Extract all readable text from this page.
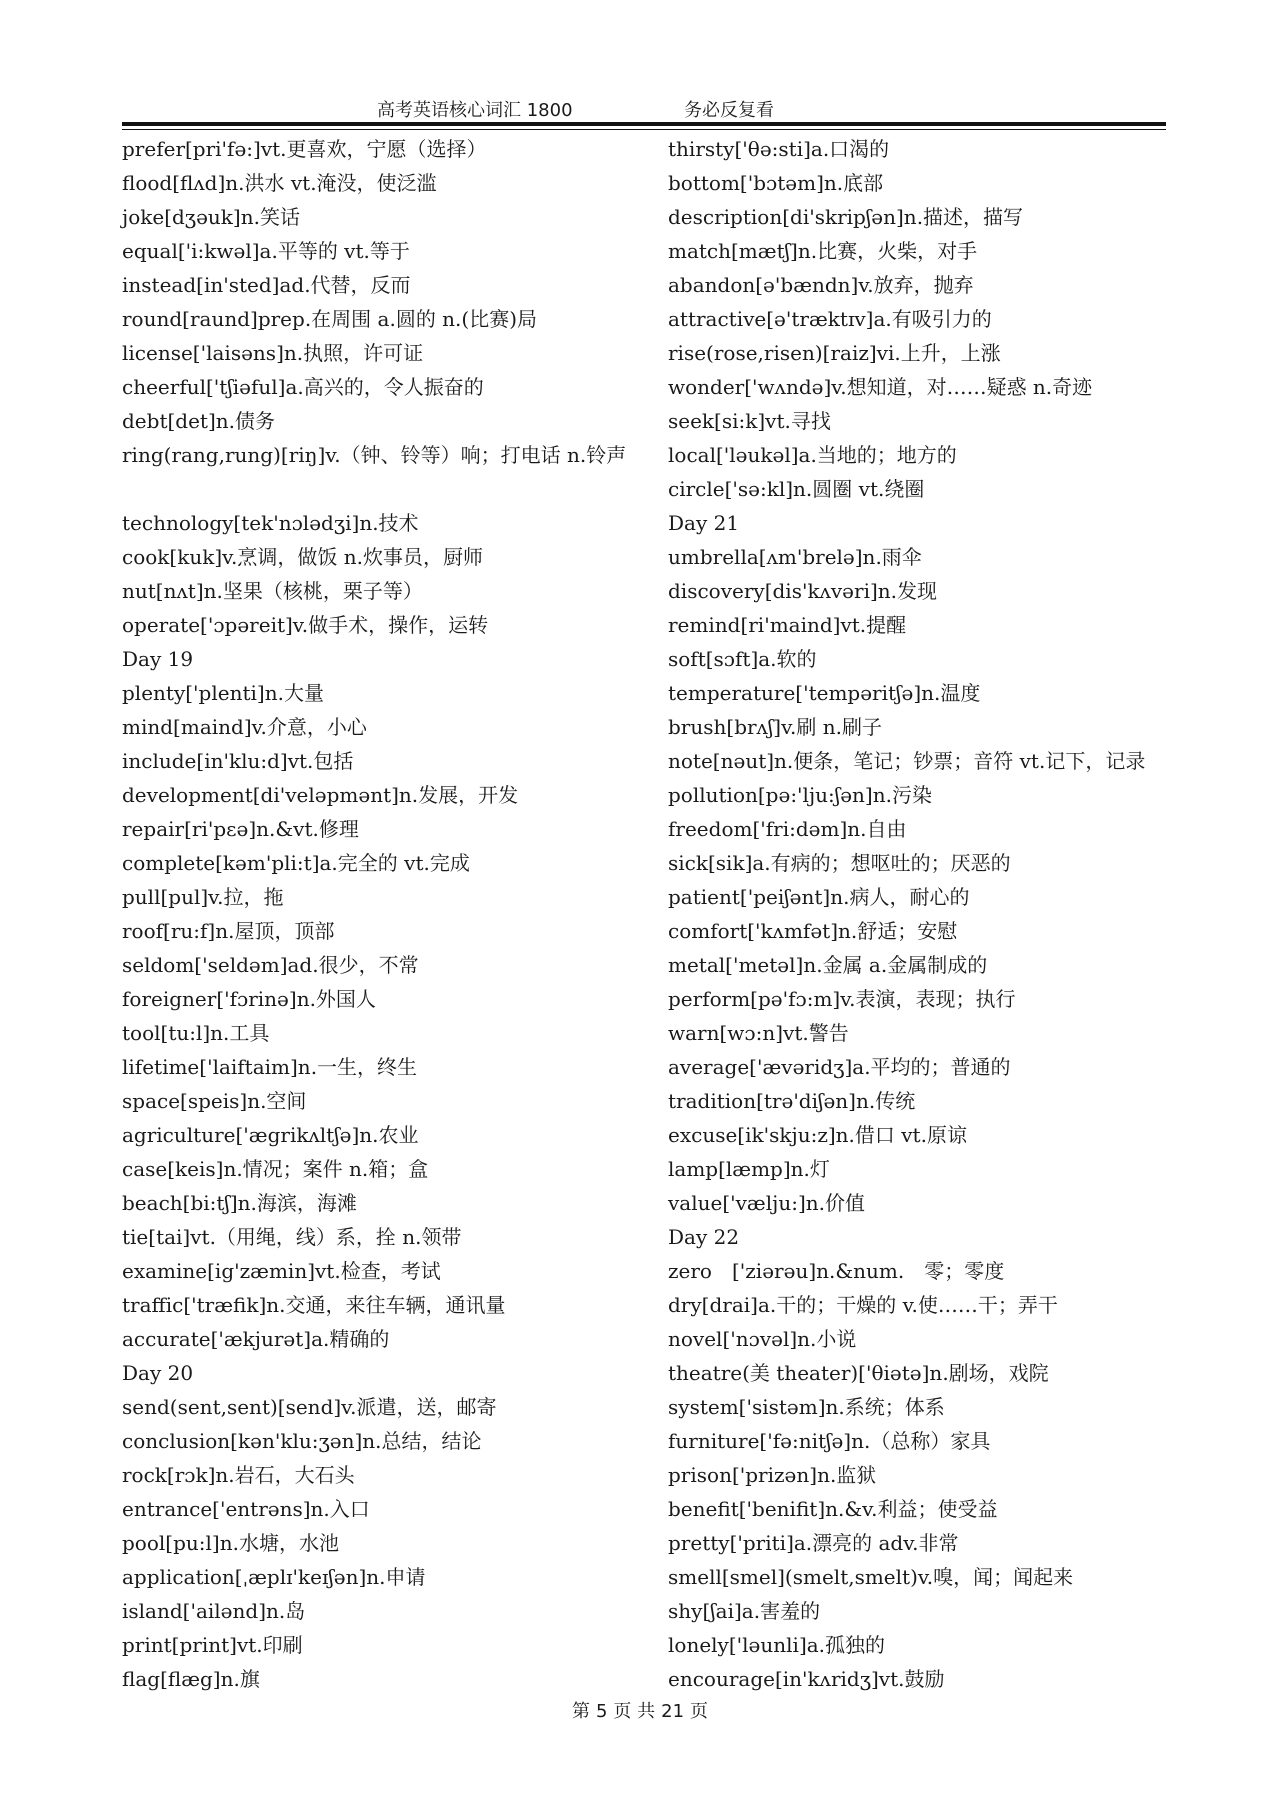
高考英语核心词汇 1800	务必反复看
prefer[pri'fə:]vt.更喜欢，宁愿（选择）
flood[flʌd]n.洪水 vt.淹没，使泛滥
joke[dʒəuk]n.笑话
equal['i:kwəl]a.平等的 vt.等于
instead[in'sted]ad.代替，反而
round[raund]prep.在周围 a.圆的 n.(比赛)局
license['laisəns]n.执照，许可证
cheerful['tʃiəful]a.高兴的，令人振奋的
debt[det]n.债务
ring(rang,rung)[riŋ]v.（钟、铃等）响；打电话 n.铃声
technology[tek'nɔlədʒi]n.技术
cook[kuk]v.烹调，做饭 n.炊事员，厨师
nut[nʌt]n.坚果（核桃，栗子等）
operate['ɔpəreit]v.做手术，操作，运转
Day 19
plenty['plenti]n.大量
mind[maind]v.介意，小心
include[in'klu:d]vt.包括
development[di'veləpmənt]n.发展，开发
repair[ri'pɛə]n.&vt.修理
complete[kəm'pli:t]a.完全的 vt.完成
pull[pul]v.拉，拖
roof[ru:f]n.屋顶，顶部
seldom['seldəm]ad.很少，不常
foreigner['fɔrinə]n.外国人
tool[tu:l]n.工具
lifetime['laiftaim]n.一生，终生
space[speis]n.空间
agriculture['ægrikʌltʃə]n.农业
case[keis]n.情况；案件 n.箱；盒
beach[bi:tʃ]n.海滨，海滩
tie[tai]vt.（用绳，线）系，拴 n.领带
examine[ig'zæmin]vt.检查，考试
traffic['træfik]n.交通，来往车辆，通讯量
accurate['ækjurət]a.精确的
Day 20
send(sent,sent)[send]v.派遣，送，邮寄
conclusion[kən'klu:ʒən]n.总结，结论
rock[rɔk]n.岩石，大石头
entrance['entrəns]n.入口
pool[pu:l]n.水塘，水池
application[ˌæplɪ'keɪʃən]n.申请
island['ailənd]n.岛
print[print]vt.印刷
flag[flæg]n.旗
thirsty['θə:sti]a.口渴的
bottom['bɔtəm]n.底部
description[di'skripʃən]n.描述，描写
match[mætʃ]n.比赛，火柴，对手
abandon[ə'bændn]v.放弃，抛弃
attractive[ə'træktɪv]a.有吸引力的
rise(rose,risen)[raiz]vi.上升，上涨
wonder['wʌndə]v.想知道，对……疑惑 n.奇迹
seek[si:k]vt.寻找
local['ləukəl]a.当地的；地方的
circle['sə:kl]n.圆圈 vt.绕圈
Day 21
umbrella[ʌm'brelə]n.雨伞
discovery[dis'kʌvəri]n.发现
remind[ri'maind]vt.提醒
soft[sɔft]a.软的
temperature['tempəritʃə]n.温度
brush[brʌʃ]v.刷 n.刷子
note[nəut]n.便条，笔记；钞票；音符 vt.记下，记录
pollution[pə:'lju:ʃən]n.污染
freedom['fri:dəm]n.自由
sick[sik]a.有病的；想呕吐的；厌恶的
patient['peiʃənt]n.病人，耐心的
comfort['kʌmfət]n.舒适；安慰
metal['metəl]n.金属 a.金属制成的
perform[pə'fɔ:m]v.表演，表现；执行
warn[wɔ:n]vt.警告
average['ævəridʒ]a.平均的；普通的
tradition[trə'diʃən]n.传统
excuse[ik'skju:z]n.借口 vt.原谅
lamp[læmp]n.灯
value['vælju:]n.价值
Day 22
zero　['ziərəu]n.&num.　零；零度
dry[drai]a.干的；干燥的 v.使……干；弄干
novel['nɔvəl]n.小说
theatre(美 theater)['θiətə]n.剧场，戏院
system['sistəm]n.系统；体系
furniture['fə:nitʃə]n.（总称）家具
prison['prizən]n.监狱
benefit['benifit]n.&v.利益；使受益
pretty['priti]a.漂亮的 adv.非常
smell[smel](smelt,smelt)v.嗅，闻；闻起来
shy[ʃai]a.害羞的
lonely['ləunli]a.孤独的
encourage[in'kʌridʒ]vt.鼓励
第 5 页 共 21 页
